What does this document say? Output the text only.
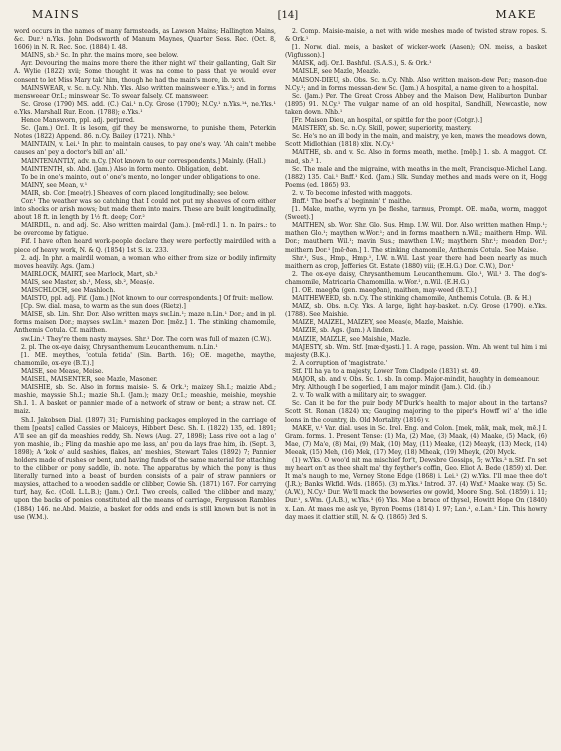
MAINS	[14]	MAKE

word occurs in the names of many farmsteads, as Lawson Mains; Hallington Mains, &c. Dur.¹ n.Yks. John Dodsworth of Manum Maynes, Quarter Sess. Rec. (Oct. 8, 1606) in N. R. Rec. Soc. (1884) I. 48.

MAINS, sb.² Sc. In phr. the mains more, see below.

Ayr. Devouring the mains more there the ither night wi' their gallanting, Galt Sir A. Wylie (1822) xvii; Some thought it was na come to pass that ye would ever consent to let Miss Mary tak' him, though he had the main's more, ib. xcvi.

MAINSWEAR, v. Sc. n.Cy. Nhb. Yks. Also written mainsweer e.Yks.¹; and in forms mensweear Or.I.; minswear Sc. To swear falsely. Cf. mansweer.

Sc. Grose (1790) MS. add. (C.) Cai.¹ n.Cy. Grose (1790); N.Cy.¹ n.Yks.¹⁴, ne.Yks.¹ e.Yks. Marshall Rur. Econ. (1788); e.Yks.¹

Hence Mansworn, ppl. adj. perjured.

Sc. (Jam.) Or.I. It is lesom, gif they be mensworne, to punishe them, Peterkin Notes (1822) Append. 86. n.Cy. Bailey (1721). Nhb.¹

MAINTAIN, v. Lei.¹ In phr. to maintain causes, to pay one's way. 'Ah cain't mebbe causes an' pey a doctor's bill an' all.'

MAINTENANTLY, adv. n.Cy. [Not known to our correspondents.] Mainly. (Hall.)

MAINTENTH, sb. Abd. (Jam.) Also in form mento. Obligation, debt.

To be in one's mainto, out o' one's mento, no longer under obligations to one.

MAINY, see Mean, v.¹

MAIR, sb. Cor. [meə(r).] Sheaves of corn placed longitudinally; see below.

Cor.¹ The weather was so catching that I could not put my sheaves of corn either into shocks or arish mows; but made them into mairs. These are built longitudinally, about 18 ft. in length by 1½ ft. deep; Cor.²

MAIRDIL, n. and adj. Sc. Also written mairdal (Jam.). [mē·rdl.] 1. n. In pairs.: to be overcome by fatigue.

Fif. I have often heard work-people declare they were perfectly mairdiled with a piece of heavy work, N. & Q. (1854) 1st S. ix. 233.

2. adj. In phr. a mairdil woman, a woman who either from size or bodily infirmity moves heavily. Ags. (Jam.)

MAIRLOCK, MAIRT, see Marlock, Mart, sb.²

MAIS, see Master, sb.¹, Mess, sb.², Meas(e.

MAISCHLOCH, see Mashloch.

MAISTO, ppl. adj. Fif. (Jam.) [Not known to our correspondents.] Of fruit: mellow.

[Cp. Sw. dial. masa, to warm as the sun does (Rietz).]

MAISE, sb. Lin. Shr. Dor. Also written mays sw.Lin.¹; maze n.Lin.¹ Dor.; and in pl. forms maisen Dor.; mayses sw.Lin.¹ mazen Dor. [mēz.] 1. The stinking chamomile, Anthemis Cotula. Cf. maithen.

sw.Lin.¹ They're them nasty mayses. Shr.¹ Dor. The corn was full of mazen (C.W.).

2. pl. The ox-eye daisy, Chrysanthemum Leucanthemum. n.Lin.¹

[1. ME. meythes, 'cotula fetida' (Sin. Barth. 16); OE. magethe, maythe, chamomile, ox-eye (B.T.).]

MAISE, see Mease, Meise.

MAISEL, MAISENTER, see Mazle, Masoner.

MAISHIE, sb. Sc. Also in forms maisie- S. & Ork.¹; maizey Sh.I.; maizie Abd.; mashie, mayssie Sh.I.; mazie Sh.I. (Jam.); mazy Or.I.; meashie, meishie, meyshie Sh.I. 1. A basket or pannier made of a network of straw or bent; a straw net. Cf. maiz.

Sh.I. Jakobsen Dial. (1897) 31; Furnishing packages employed in the carriage of them [peats] called Cassies or Maiceys, Hibbert Desc. Sh. I. (1822) 135, ed. 1891; A'll see an gif da meashies reddy, Sh. News (Aug. 27, 1898); Lass rive oot a lag o' yon mashie, ib.; Fling da mashie apo me lass, an' pou da lays frae him, ib. (Sept. 3, 1898); A 'kok o' auld sashies, flakes, an' meshies, Stewart Tales (1892) 7; Pannier holders made of rushes or bent, and having funds of the same material for attaching to the clibber or pony saddle, ib. note. The apparatus by which the pony is thus literally turned into a beast of burden consists of a pair of straw panniers or maysies, attached to a wooden saddle or clibber, Cowie Sh. (1871) 167. For carrying turf, hay, &c. (Coll. L.L.B.); (Jam.) Or.I. Two creels, called 'the clibber and mazy,' upon the backs of ponies constituted all the means of carriage, Fergusson Rambles (1884) 146. ne.Abd. Maizie, a basket for odds and ends is still known but is not in use (W.M.).

2. Comp. Maisie-maisie, a net with wide meshes made of twisted straw ropes. S. & Ork.¹

[1. Norw. dial. meis, a basket of wicker-work (Aasen); ON. meiss, a basket (Vigfusson).]

MAISK, adj. Or.I. Bashful. (S.A.S.), S. & Ork.¹

MAISLE, see Mazle, Meazle.

MAISON-DIEU, sb. Obs. Sc. n.Cy. Nhb. Also written maison-dew Per.; mason-due N.Cy.¹; and in forms messan-dew Sc. (Jam.) A hospital, a name given to a hospital.

Sc. (Jam.) Per. The Great Cross Abbey and the Maison Dew, Haliburton Dunbar (1895) 91. N.Cy.¹ The vulgar name of an old hospital, Sandhill, Newcastle, now taken down. Nhb.¹

[Fr. Maison Dieu, an hospital, or spittle for the poor (Cotgr.).]

MAISTERY, sb. Sc. n.Cy. Skill, power, superiority, mastery.

Sc. He's no an ill body in the main, and maistry, ye ken, maws the meadows down, Scott Midlothian (1818) xlix. N.Cy.¹

MAITHE, sb. and v. Sc. Also in forms meath, methe. [mēþ.] 1. sb. A maggot. Cf. mad, sb.² 1.

Sc. The male and the migraine, with meaths in the melt, Francisque-Michel Lang. (1882) 135. Cai.¹ Bnff.¹ Kcd. (Jam.) Slk. Sunday methes and mads were on it, Hogg Poems (ed. 1865) 93.

2. v. To become infested with maggots.

Bnff.¹ The beef's a' beginnin' t' maithe.

[1. Make, mathe, wyrm yn þe fleshe, tarmus, Prompt. OE. maða, worm, maggot (Sweet).]

MAITHEN, sb. Wor. Shr. Glo. Sus. Hmp. I.W. Wil. Dor. Also written mathen Hmp.¹; mathen Glo.¹; maythen w.Wor.¹; and in forms maathern n.Wil.; maithern Hmp. Wil. Dor.; mauthern Wil.¹; mavin Sus.; mawthen I.W.; maythern Shr.¹; meaden Dor.¹; meithern Dor.¹ [mē·ðən.] 1. The stinking chamomile, Anthemis Cotula. See Maise.

Shr.¹, Sus., Hmp., Hmp.¹, I.W. n.Wil. Last year there had been nearly as much maithern as crop, Jefferies Gt. Estate (1880) viii; (E.H.G.) Dor. C.W.), Dor.¹

2. The ox-eye daisy, Chrysanthemum Leucanthemum. Glo.¹, Wil.¹ 3. The dog's-chamomile, Matricaria Chamomilla. w.Wor.¹, n.Wil. (E.H.G.)

[1. OE. maegða (gen. maegðan), maithen, may-weed (B.T.).]

MAITHEWEED, sb. n.Cy. The stinking chamomile, Anthemis Cotula. (B. & H.)

MAIZ, sb. Obs. n.Cy. Yks. A large, light hay-basket. n.Cy. Grose (1790). e.Yks. (1788). See Maishie.

MAIZE, MAIZEL, MAIZEY, see Meas(e, Mazle, Maishie.

MAIZIE, sb. Ags. (Jam.) A linden.

MAIZIE, MAIZLE, see Maishie, Mazle.

MAJESTY, sb. Wm. Stf. [mæ·dʒəsti.] 1. A rage, passion. Wm. Ah went tul him i mi majesty (B.K.).

2. A corruption of 'magistrate.'

Stf. I'll ha ya to a majesty, Lower Tom Cladpole (1831) st. 49.

MAJOR, sb. and v. Obs. Sc. 1. sb. In comp. Major-mindit, haughty in demeanour.

Mry. Although I be sogerlied, I am major mindit (Jam.). Cld. (ib.)

2. v. To walk with a military air, to swagger.

Sc. Can it be for the puir body M'Durk's health to major about in the tartans? Scott St. Ronan (1824) xx; Gauging majoring to the piper's Howff wi' a' the idle loons in the country, ib. Old Mortality (1816) v.

MAKE, v.¹ Var. dial. uses in Sc. Irel. Eng. and Colon. [mek, māk, mak, mek, mē.] I. Gram. forms. 1. Present Tense: (1) Ma, (2) Mae, (3) Maak, (4) Maake, (5) Mack, (6) Mae, (7) Ma'e, (8) Mai, (9) Mak, (10) May, (11) Meake, (12) Meayk, (13) Meck, (14) Meeak, (15) Meh, (16) Mek, (17) Mey, (18) Mheak, (19) Mheyk, (20) Myck.

(1) w.Yks. O woo'd nit ma mischief for't, Dewsbre Gossips, 5; w.Yks.³ n.Stf. I'n set my heart on't as thee shalt ma' thy feyther's coffin, Geo. Eliot A. Bede (1859) xl. Der. It ma's naugh to me, Verney Stone Edge (1868) i. Lei.¹ (2) w.Yks. I'll mae thee do't (J.R.); Banks Wkfld. Wds. (1865). (3) m.Yks.¹ Introd. 37. (4) Wxf.¹ Maake way. (5) Sc. (A.W.), N.Cy.¹ Dur. We'll mack the bowseries ow gowld, Moore Sng. Sol. (1859) i. 11; Dur.¹, s.Wm. (J.A.B.), w.Yks.³ (6) Yks. Mae a brace of thysel, Howitt Hope On (1840) x. Lan. At maes me ask ye, Byron Poems (1814) I. 97; Lan.¹, e.Lan.¹ Lin. This howry day maes it clattier still, N. & Q. (1865) 3rd S.
